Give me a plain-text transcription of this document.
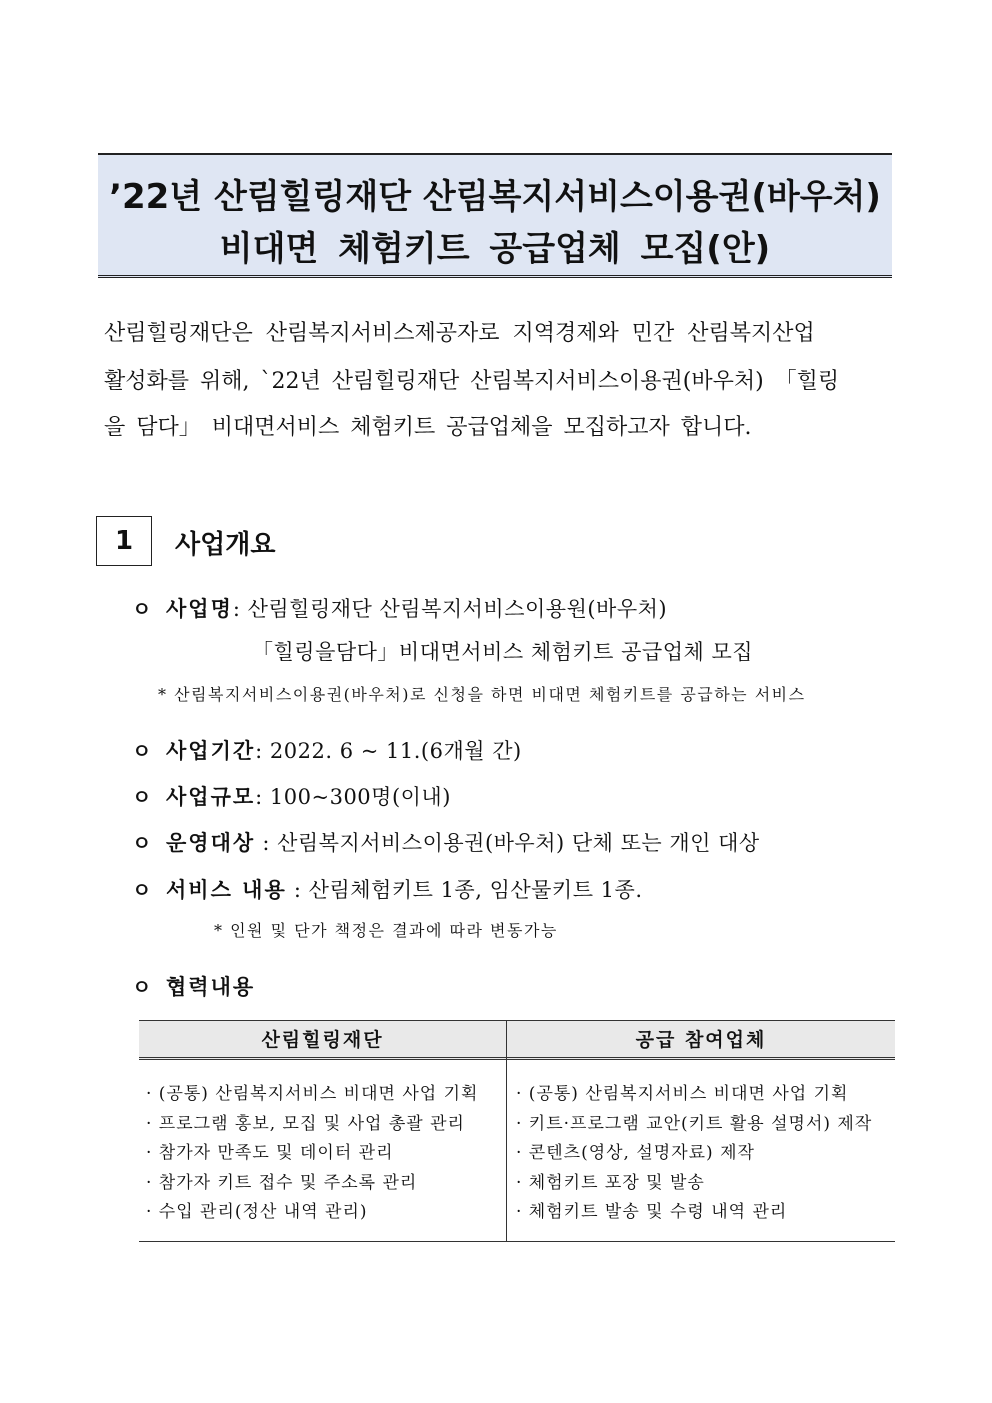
’22년 산림힐링재단 산림복지서비스이용권(바우처)
비대면 체험키트 공급업체 모집(안)
산림힐링재단은 산림복지서비스제공자로 지역경제와 민간 산림복지산업
활성화를 위해, `22년 산림힐링재단 산림복지서비스이용권(바우처) 「힐링
을 담다」 비대면서비스 체험키트 공급업체을 모집하고자 합니다.
1	사업개요
ㅇ 사업명: 산림힐링재단 산림복지서비스이용원(바우처)
「힐링을담다」비대면서비스 체험키트 공급업체 모집
* 산림복지서비스이용권(바우처)로 신청을 하면 비대면 체험키트를 공급하는 서비스
ㅇ 사업기간: 2022. 6 ~ 11.(6개월 간)
ㅇ 사업규모: 100~300명(이내)
ㅇ 운영대상 : 산림복지서비스이용권(바우처) 단체 또는 개인 대상
ㅇ 서비스 내용 : 산림체험키트 1종, 임산물키트 1종.
* 인원 및 단가 책정은 결과에 따라 변동가능
ㅇ 협력내용
산림힐링재단	공급 참여업체
· (공통) 산림복지서비스 비대면 사업 기획
· 프로그램 홍보, 모집 및 사업 총괄 관리
· 참가자 만족도 및 데이터 관리
· 참가자 키트 접수 및 주소록 관리
· 수입 관리(정산 내역 관리)
· (공통) 산림복지서비스 비대면 사업 기획
· 키트·프로그램 교안(키트 활용 설명서) 제작
· 콘텐츠(영상, 설명자료) 제작
· 체험키트 포장 및 발송
· 체험키트 발송 및 수령 내역 관리
